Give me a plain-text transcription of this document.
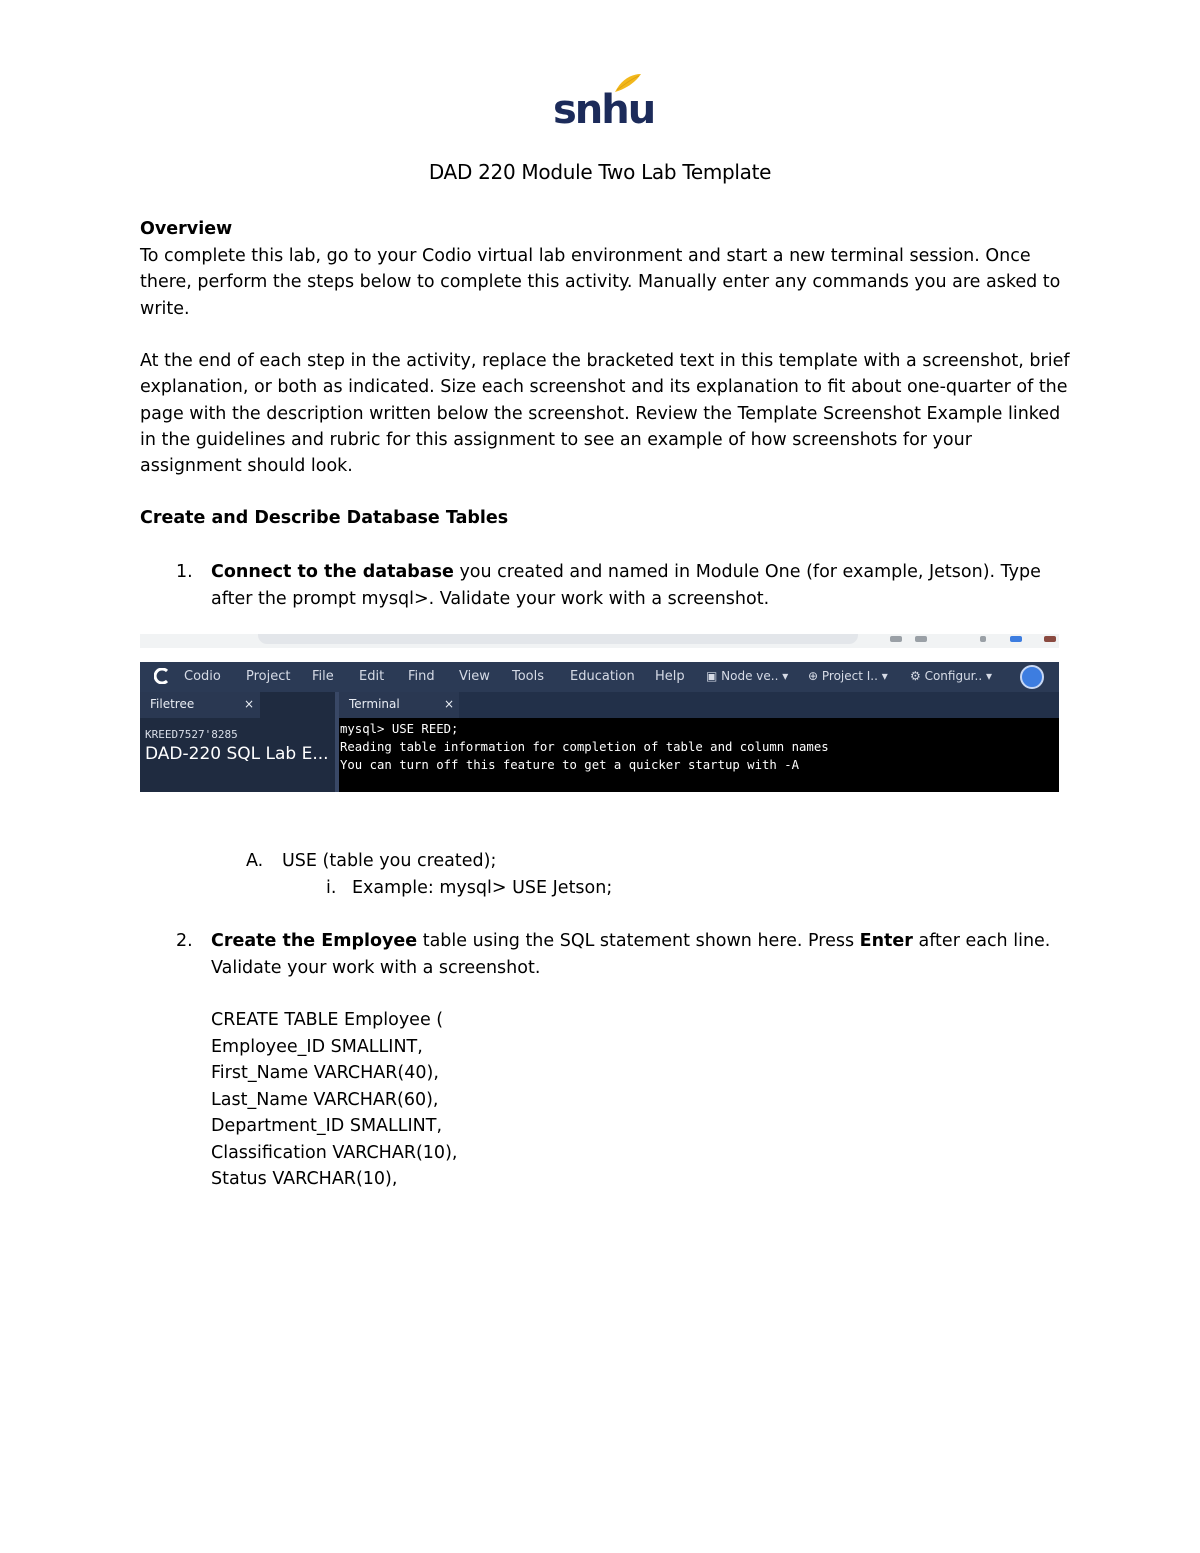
snhu
DAD 220 Module Two Lab Template
Overview
To complete this lab, go to your Codio virtual lab environment and start a new terminal session. Once there, perform the steps below to complete this activity. Manually enter any commands you are asked to write.
At the end of each step in the activity, replace the bracketed text in this template with a screenshot, brief explanation, or both as indicated. Size each screenshot and its explanation to fit about one-quarter of the page with the description written below the screenshot. Review the Template Screenshot Example linked in the guidelines and rubric for this assignment to see an example of how screenshots for your assignment should look.
Create and Describe Database Tables
1.	Connect to the database you created and named in Module One (for example, Jetson). Type after the prompt mysql>. Validate your work with a screenshot.
Codio Project File Edit Find View Tools Education Help ▣ Node ve.. ▾ ⊕ Project I.. ▾ ⚙ Configur.. ▾
Filetree	×
KREED7527'8285
DAD-220 SQL Lab E...
Terminal	×
mysql> USE REED;
Reading table information for completion of table and column names
You can turn off this feature to get a quicker startup with -A
A. USE (table you created);
i. Example: mysql> USE Jetson;
2.	Create the Employee table using the SQL statement shown here. Press Enter after each line. Validate your work with a screenshot.
CREATE TABLE Employee (
Employee_ID SMALLINT,
First_Name VARCHAR(40),
Last_Name VARCHAR(60),
Department_ID SMALLINT,
Classification VARCHAR(10),
Status VARCHAR(10),
